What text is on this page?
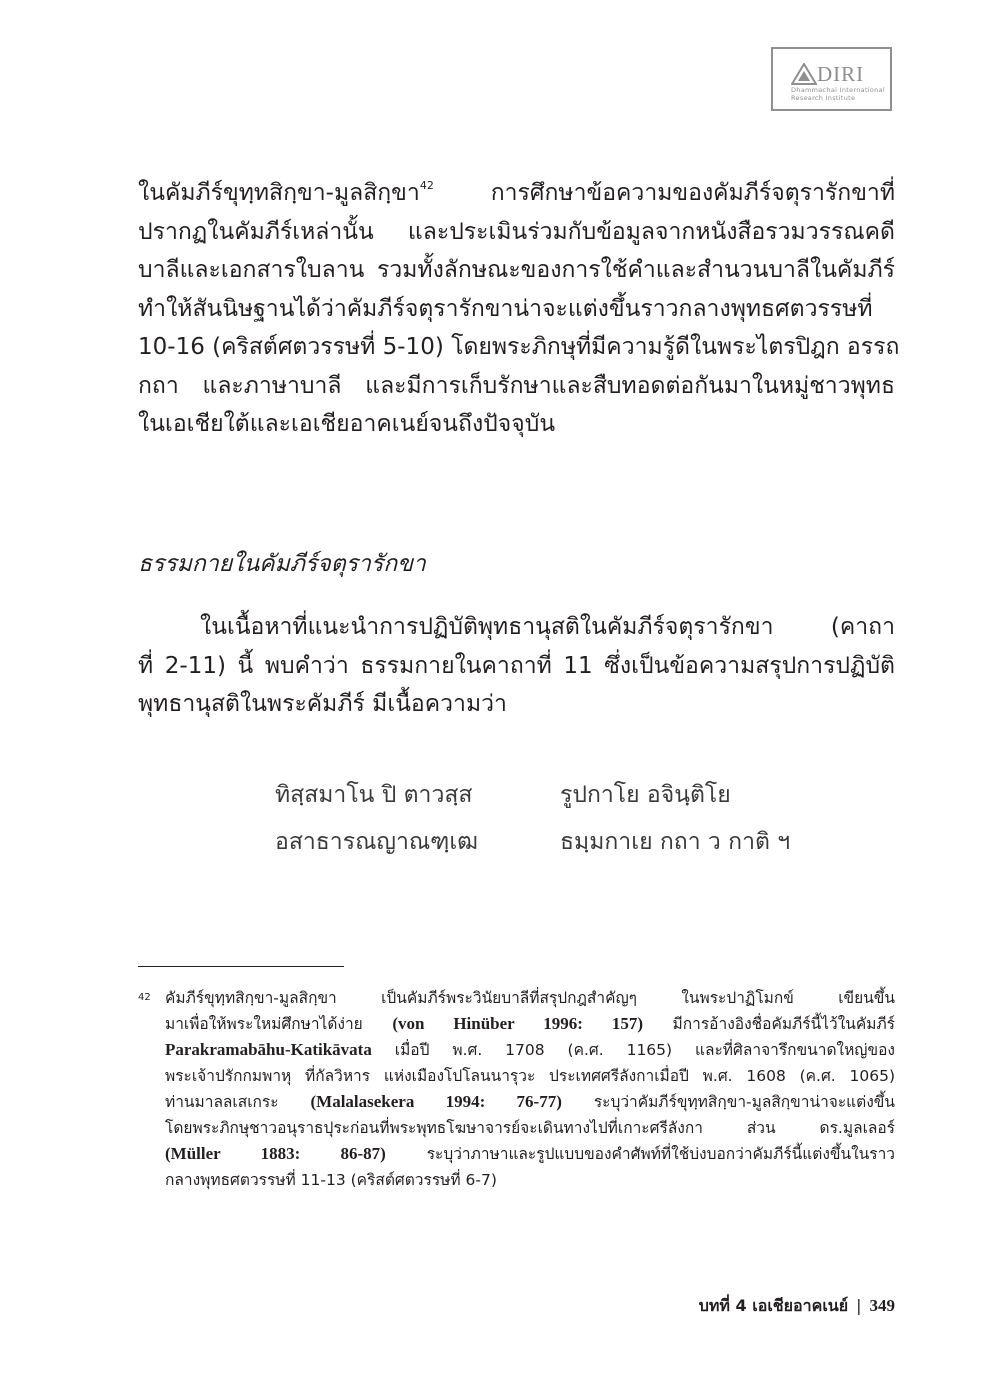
DIRI
Dhammachai International
Research Institute
ในคัมภีร์ขุทฺทสิกฺขา-มูลสิกฺขา$^{42}$ การศึกษาข้อความของคัมภีร์จตุรารักขาที่
ปรากฏในคัมภีร์เหล่านั้น และประเมินร่วมกับข้อมูลจากหนังสือรวมวรรณคดี
บาลีและเอกสารใบลาน รวมทั้งลักษณะของการใช้คำและสำนวนบาลีในคัมภีร์
ทำให้สันนิษฐานได้ว่าคัมภีร์จตุรารักขาน่าจะแต่งขึ้นราวกลางพุทธศตวรรษที่
10-16 (คริสต์ศตวรรษที่ 5-10) โดยพระภิกษุที่มีความรู้ดีในพระไตรปิฎก อรรถ
กถา และภาษาบาลี และมีการเก็บรักษาและสืบทอดต่อกันมาในหมู่ชาวพุทธ
ในเอเชียใต้และเอเชียอาคเนย์จนถึงปัจจุบัน
ธรรมกายในคัมภีร์จตุรารักขา
ในเนื้อหาที่แนะนำการปฏิบัติพุทธานุสติในคัมภีร์จตุรารักขา (คาถา
ที่ 2-11) นี้ พบคำว่า ธรรมกายในคาถาที่ 11 ซึ่งเป็นข้อความสรุปการปฏิบัติ
พุทธานุสติในพระคัมภีร์ มีเนื้อความว่า
ทิสฺสมาโน ปิ ตาวสฺส	รูปกาโย อจินฺติโย
อสาธารณญาณฑฺเฒ	ธมฺมกาเย กถา ว กาติ ฯ
42 คัมภีร์ขุทฺทสิกฺขา-มูลสิกฺขา เป็นคัมภีร์พระวินัยบาลีที่สรุปกฎสำคัญๆ ในพระปาฏิโมกข์ เขียนขึ้น
มาเพื่อให้พระใหม่ศึกษาได้ง่าย (von Hinüber 1996: 157) มีการอ้างอิงชื่อคัมภีร์นี้ไว้ในคัมภีร์
Parakramabāhu-Katikāvata เมื่อปี พ.ศ. 1708 (ค.ศ. 1165) และที่ศิลาจารึกขนาดใหญ่ของ
พระเจ้าปรักกมพาหุ ที่กัลวิหาร แห่งเมืองโปโลนนารุวะ ประเทศศรีลังกาเมื่อปี พ.ศ. 1608 (ค.ศ. 1065)
ท่านมาลลเสเกระ (Malalasekera 1994: 76-77) ระบุว่าคัมภีร์ขุทฺทสิกฺขา-มูลสิกฺขาน่าจะแต่งขึ้น
โดยพระภิกษุชาวอนุราธปุระก่อนที่พระพุทธโฆษาจารย์จะเดินทางไปที่เกาะศรีลังกา ส่วน ดร.มูลเลอร์
(Müller 1883: 86-87) ระบุว่าภาษาและรูปแบบของคำศัพท์ที่ใช้บ่งบอกว่าคัมภีร์นี้แต่งขึ้นในราว
กลางพุทธศตวรรษที่ 11-13 (คริสต์ศตวรรษที่ 6-7)
บทที่ 4 เอเชียอาคเนย์ | 349
